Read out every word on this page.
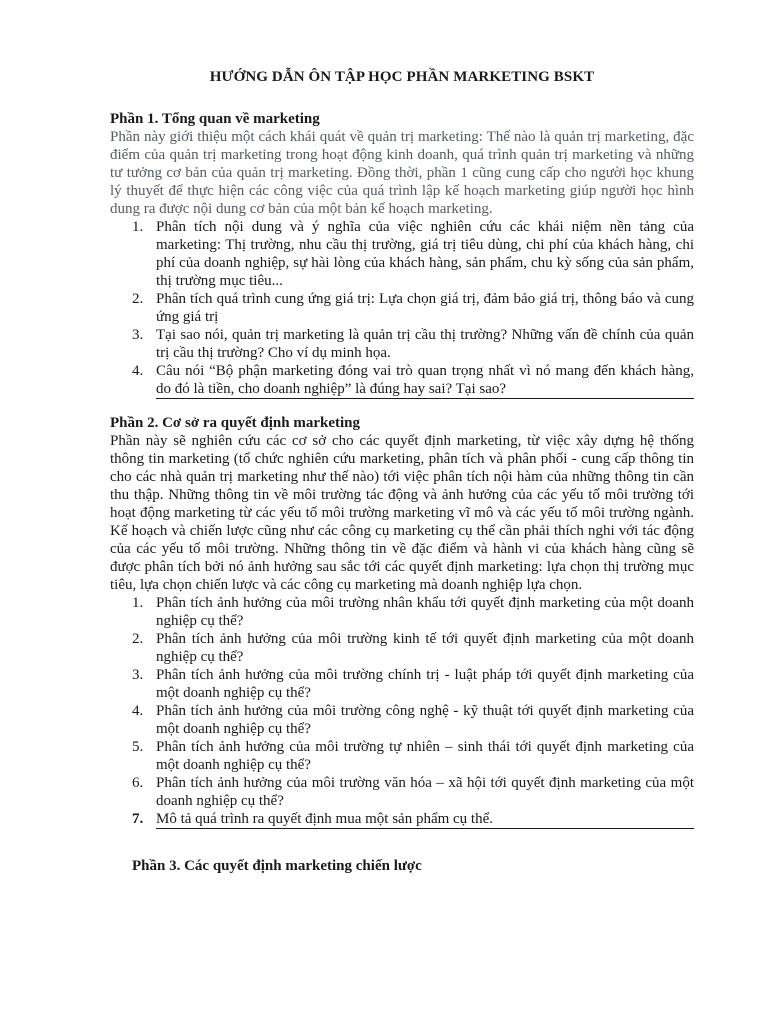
HƯỚNG DẪN ÔN TẬP HỌC PHẦN MARKETING BSKT
Phần 1. Tổng quan về marketing

Phần này giới thiệu một cách khái quát về quản trị marketing: Thế nào là quản trị marketing, đặc điểm của quản trị marketing trong hoạt động kinh doanh, quá trình quản trị marketing và những tư tưởng cơ bản của quản trị marketing. Đồng thời, phần 1 cũng cung cấp cho người học khung lý thuyết để thực hiện các công việc của quá trình lập kế hoạch marketing giúp người học hình dung ra được nội dung cơ bản của một bản kế hoạch marketing.

1. Phân tích nội dung và ý nghĩa của việc nghiên cứu các khái niệm nền tảng của marketing: Thị trường, nhu cầu thị trường, giá trị tiêu dùng, chi phí của khách hàng, chi phí của doanh nghiệp, sự hài lòng của khách hàng, sản phẩm, chu kỳ sống của sản phẩm, thị trường mục tiêu...
2. Phân tích quá trình cung ứng giá trị: Lựa chọn giá trị, đảm bảo giá trị, thông báo và cung ứng giá trị
3. Tại sao nói, quản trị marketing là quản trị cầu thị trường? Những vấn đề chính của quản trị cầu thị trường? Cho ví dụ minh họa.
4. Câu nói “Bộ phận marketing đóng vai trò quan trọng nhất vì nó mang đến khách hàng, do đó là tiền, cho doanh nghiệp” là đúng hay sai? Tại sao?
Phần 2. Cơ sở ra quyết định marketing

Phần này sẽ nghiên cứu các cơ sở cho các quyết định marketing, từ việc xây dựng hệ thống thông tin marketing (tổ chức nghiên cứu marketing, phân tích và phân phối - cung cấp thông tin cho các nhà quản trị marketing như thế nào) tới việc phân tích nội hàm của những thông tin cần thu thập. Những thông tin về môi trường tác động và ảnh hưởng của các yếu tố môi trường tới hoạt động marketing từ các yếu tố môi trường marketing vĩ mô và các yếu tố môi trường ngành. Kế hoạch và chiến lược cũng như các công cụ marketing cụ thể cần phải thích nghi với tác động của các yếu tố môi trường. Những thông tin về đặc điểm và hành vi của khách hàng cũng sẽ được phân tích bởi nó ảnh hưởng sau sắc tới các quyết định marketing: lựa chọn thị trường mục tiêu, lựa chọn chiến lược và các công cụ marketing mà doanh nghiệp lựa chọn.

1. Phân tích ảnh hưởng của môi trường nhân khẩu tới quyết định marketing của một doanh nghiệp cụ thể?
2. Phân tích ảnh hưởng của môi trường kinh tế tới quyết định marketing của một doanh nghiệp cụ thể?
3. Phân tích ảnh hưởng của môi trường chính trị - luật pháp tới quyết định marketing của một doanh nghiệp cụ thể?
4. Phân tích ảnh hưởng của môi trường công nghệ - kỹ thuật tới quyết định marketing của một doanh nghiệp cụ thể?
5. Phân tích ảnh hưởng của môi trường tự nhiên – sinh thái tới quyết định marketing của một doanh nghiệp cụ thể?
6. Phân tích ảnh hưởng của môi trường văn hóa – xã hội tới quyết định marketing của một doanh nghiệp cụ thể?
7. Mô tả quá trình ra quyết định mua một sản phẩm cụ thể.
Phần 3. Các quyết định marketing chiến lược
